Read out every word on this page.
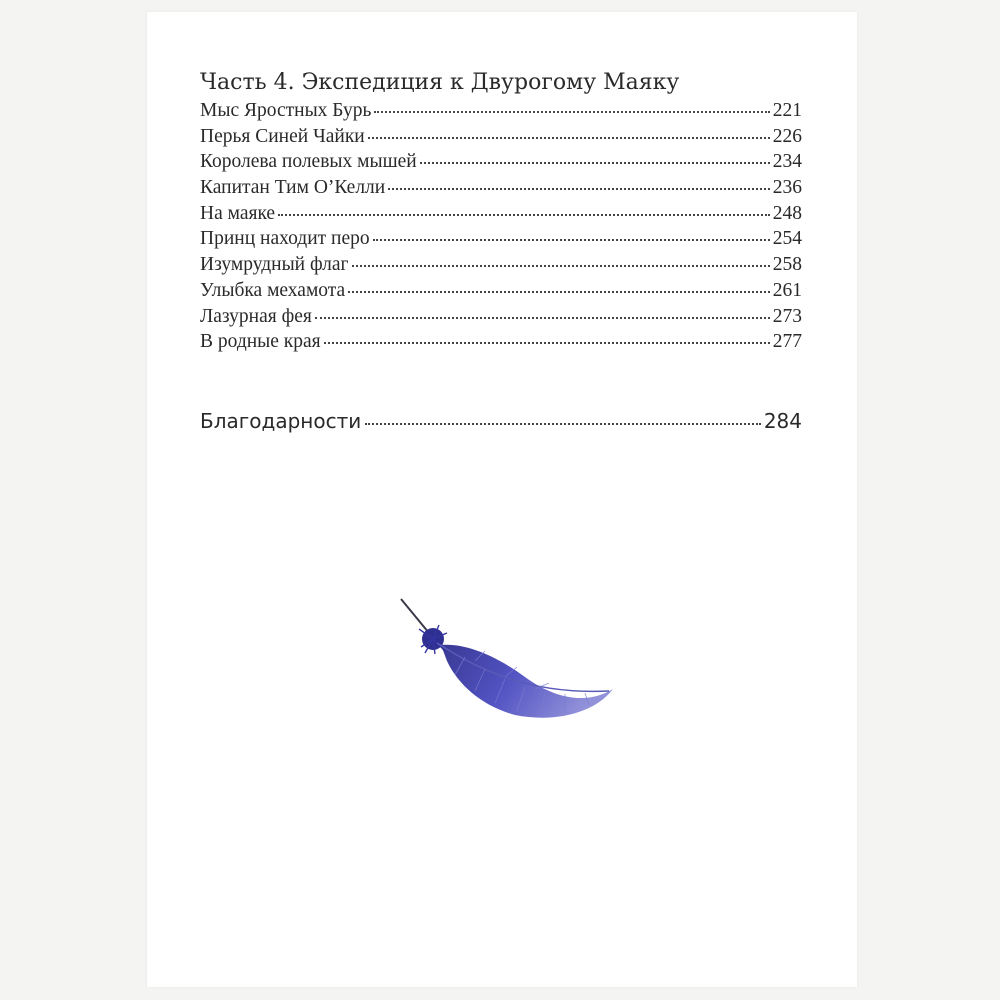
Часть 4. Экспедиция к Двурогому Маяку
Мыс Яростных Бурь	221
Перья Синей Чайки	226
Королева полевых мышей	234
Капитан Тим О’Келли	236
На маяке	248
Принц находит перо	254
Изумрудный флаг	258
Улыбка мехамота	261
Лазурная фея	273
В родные края	277
Благодарности	284
